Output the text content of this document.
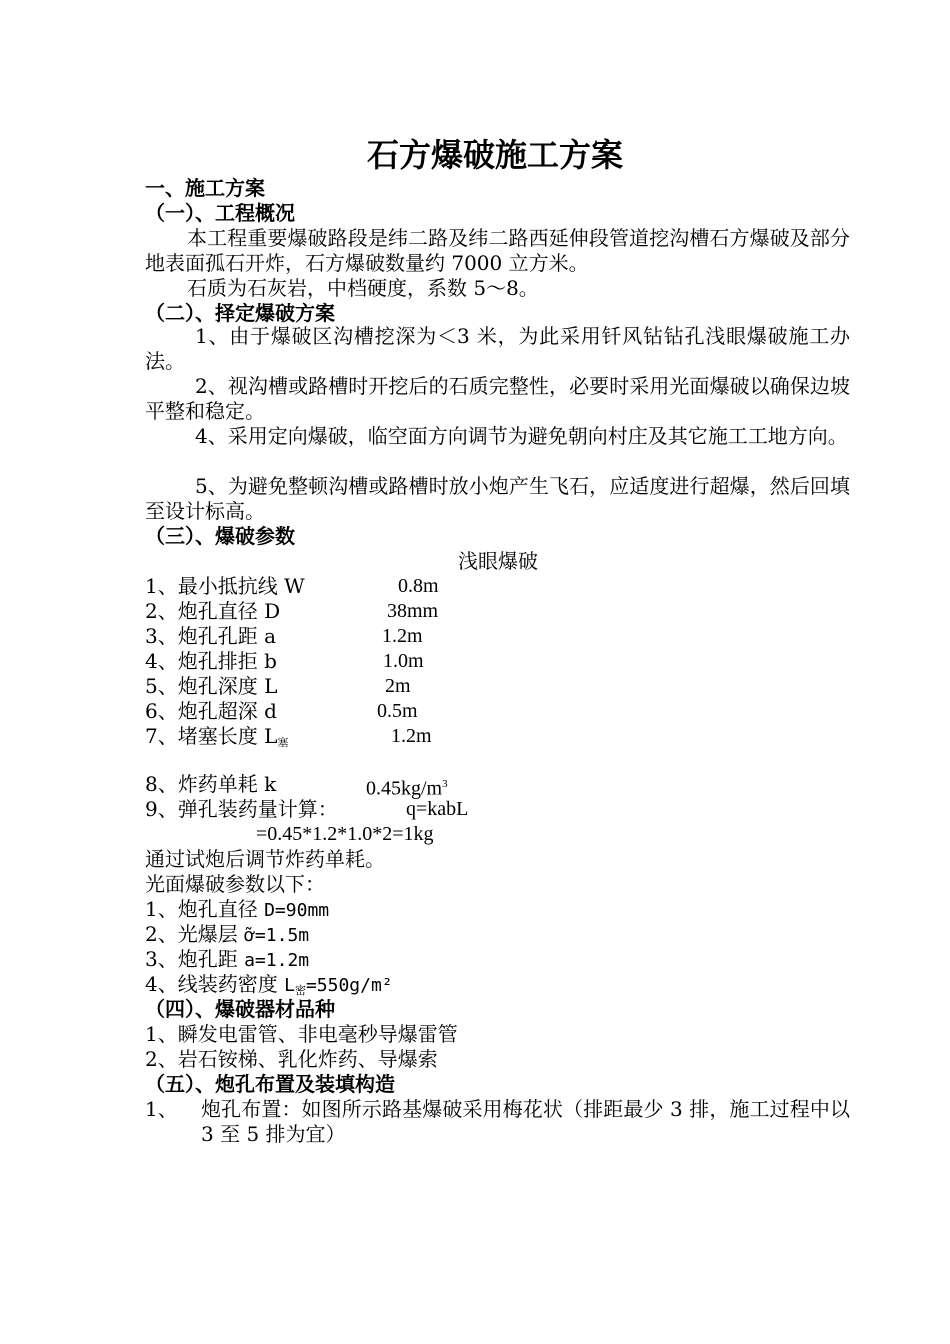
石方爆破施工方案
一、施工方案
（一）、工程概况
本工程重要爆破路段是纬二路及纬二路西延伸段管道挖沟槽石方爆破及部分地表面孤石开炸，石方爆破数量约 7000 立方米。
石质为石灰岩，中档硬度，系数 5～8。
（二）、择定爆破方案
1、由于爆破区沟槽挖深为＜3 米，为此采用钎风钻钻孔浅眼爆破施工办法。
2、视沟槽或路槽时开挖后的石质完整性，必要时采用光面爆破以确保边坡平整和稳定。
4、采用定向爆破，临空面方向调节为避免朝向村庄及其它施工工地方向。
5、为避免整顿沟槽或路槽时放小炮产生飞石，应适度进行超爆，然后回填至设计标高。
（三）、爆破参数
浅眼爆破
1、最小抵抗线 W	0.8m
2、炮孔直径 D	38mm
3、炮孔孔距 a	1.2m
4、炮孔排拒 b	1.0m
5、炮孔深度 L	2m
6、炮孔超深 d	0.5m
7、堵塞长度 L塞	1.2m
8、炸药单耗 k	$0.45kg/m^3$
9、弹孔装药量计算：	q=kabL
=0.45*1.2*1.0*2=1kg
通过试炮后调节炸药单耗。
光面爆破参数以下：
1、炮孔直径 D=90mm
2、光爆层 ỡ=1.5m
3、炮孔距 a=1.2m
4、线装药密度 L密=550g/m²
（四）、爆破器材品种
1、瞬发电雷管、非电毫秒导爆雷管
2、岩石铵梯、乳化炸药、导爆索
（五）、炮孔布置及装填构造
1、 炮孔布置：如图所示路基爆破采用梅花状（排距最少 3 排，施工过程中以 3 至 5 排为宜）
